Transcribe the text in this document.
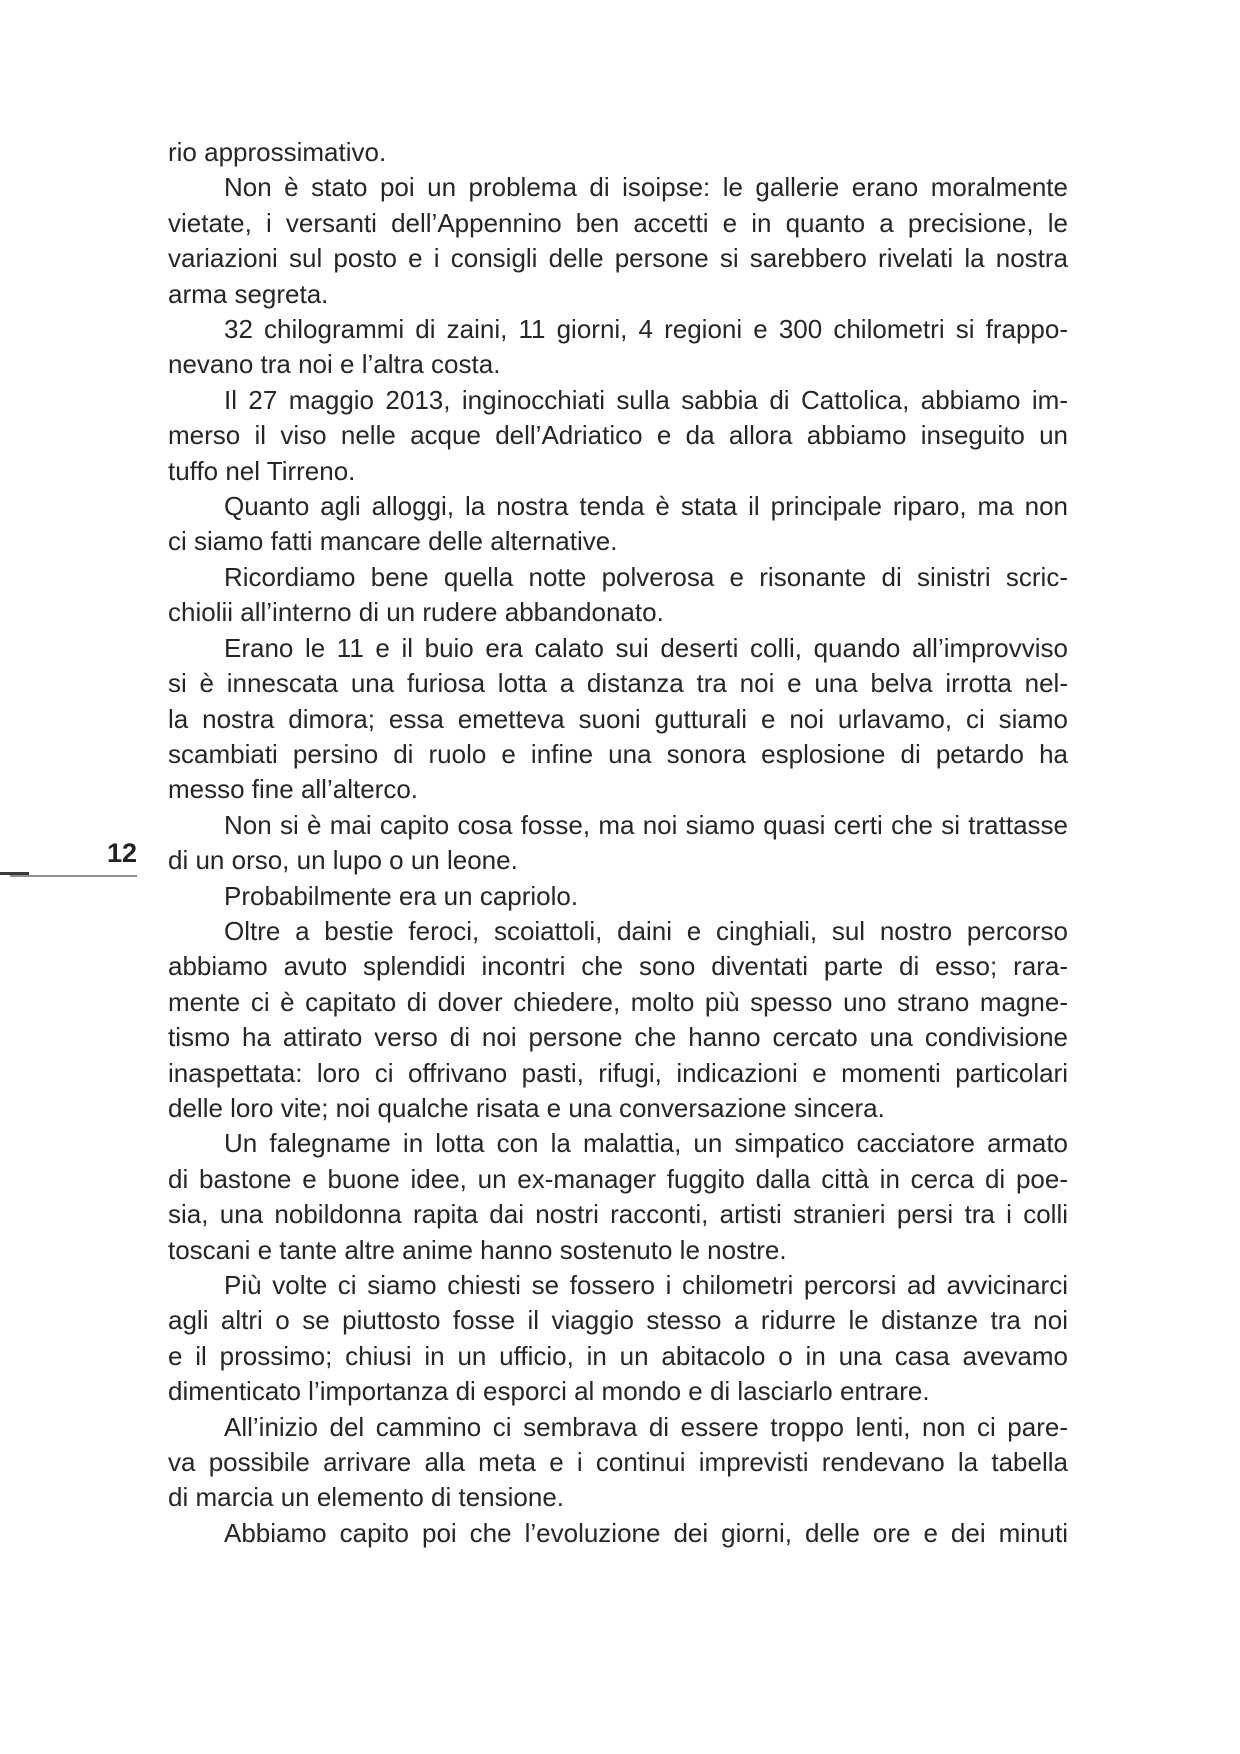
12
rio approssimativo.
Non è stato poi un problema di isoipse: le gallerie erano moralmente
vietate, i versanti dell’Appennino ben accetti e in quanto a precisione, le
variazioni sul posto e i consigli delle persone si sarebbero rivelati la nostra
arma segreta.
32 chilogrammi di zaini, 11 giorni, 4 regioni e 300 chilometri si frappo-
nevano tra noi e l’altra costa.
Il 27 maggio 2013, inginocchiati sulla sabbia di Cattolica, abbiamo im-
merso il viso nelle acque dell’Adriatico e da allora abbiamo inseguito un
tuffo nel Tirreno.
Quanto agli alloggi, la nostra tenda è stata il principale riparo, ma non
ci siamo fatti mancare delle alternative.
Ricordiamo bene quella notte polverosa e risonante di sinistri scric-
chiolii all’interno di un rudere abbandonato.
Erano le 11 e il buio era calato sui deserti colli, quando all’improvviso
si è innescata una furiosa lotta a distanza tra noi e una belva irrotta nel-
la nostra dimora; essa emetteva suoni gutturali e noi urlavamo, ci siamo
scambiati persino di ruolo e infine una sonora esplosione di petardo ha
messo fine all’alterco.
Non si è mai capito cosa fosse, ma noi siamo quasi certi che si trattasse
di un orso, un lupo o un leone.
Probabilmente era un capriolo.
Oltre a bestie feroci, scoiattoli, daini e cinghiali, sul nostro percorso
abbiamo avuto splendidi incontri che sono diventati parte di esso; rara-
mente ci è capitato di dover chiedere, molto più spesso uno strano magne-
tismo ha attirato verso di noi persone che hanno cercato una condivisione
inaspettata: loro ci offrivano pasti, rifugi, indicazioni e momenti particolari
delle loro vite; noi qualche risata e una conversazione sincera.
Un falegname in lotta con la malattia, un simpatico cacciatore armato
di bastone e buone idee, un ex-manager fuggito dalla città in cerca di poe-
sia, una nobildonna rapita dai nostri racconti, artisti stranieri persi tra i colli
toscani e tante altre anime hanno sostenuto le nostre.
Più volte ci siamo chiesti se fossero i chilometri percorsi ad avvicinarci
agli altri o se piuttosto fosse il viaggio stesso a ridurre le distanze tra noi
e il prossimo; chiusi in un ufficio, in un abitacolo o in una casa avevamo
dimenticato l’importanza di esporci al mondo e di lasciarlo entrare.
All’inizio del cammino ci sembrava di essere troppo lenti, non ci pare-
va possibile arrivare alla meta e i continui imprevisti rendevano la tabella
di marcia un elemento di tensione.
Abbiamo capito poi che l’evoluzione dei giorni, delle ore e dei minuti
